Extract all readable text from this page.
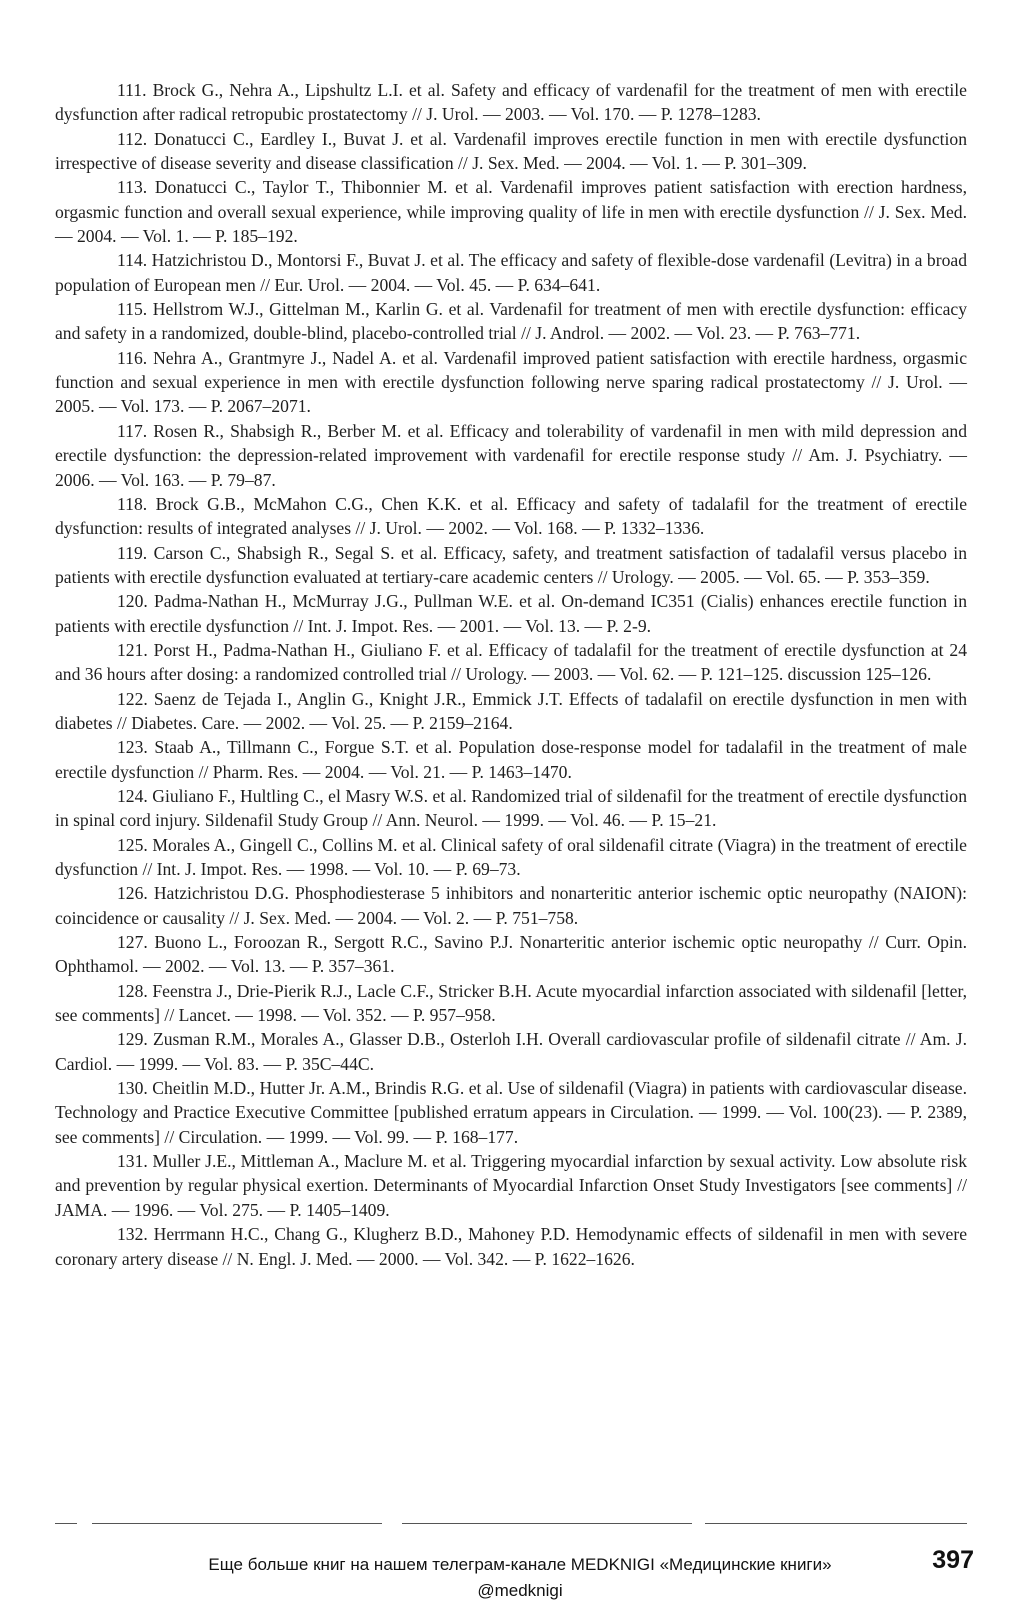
111. Brock G., Nehra A., Lipshultz L.I. et al. Safety and efficacy of vardenafil for the treatment of men with erectile dysfunction after radical retropubic prostatectomy // J. Urol. — 2003. — Vol. 170. — P. 1278–1283.

112. Donatucci C., Eardley I., Buvat J. et al. Vardenafil improves erectile function in men with erectile dysfunction irrespective of disease severity and disease classification // J. Sex. Med. — 2004. — Vol. 1. — P. 301–309.

113. Donatucci C., Taylor T., Thibonnier M. et al. Vardenafil improves patient satisfaction with erection hardness, orgasmic function and overall sexual experience, while improving quality of life in men with erectile dysfunction // J. Sex. Med. — 2004. — Vol. 1. — P. 185–192.

114. Hatzichristou D., Montorsi F., Buvat J. et al. The efficacy and safety of flexible-dose vardenafil (Levitra) in a broad population of European men // Eur. Urol. — 2004. — Vol. 45. — P. 634–641.

115. Hellstrom W.J., Gittelman M., Karlin G. et al. Vardenafil for treatment of men with erectile dysfunction: efficacy and safety in a randomized, double-blind, placebo-controlled trial // J. Androl. — 2002. — Vol. 23. — P. 763–771.

116. Nehra A., Grantmyre J., Nadel A. et al. Vardenafil improved patient satisfaction with erectile hardness, orgasmic function and sexual experience in men with erectile dysfunction following nerve sparing radical prostatectomy // J. Urol. — 2005. — Vol. 173. — P. 2067–2071.

117. Rosen R., Shabsigh R., Berber M. et al. Efficacy and tolerability of vardenafil in men with mild depression and erectile dysfunction: the depression-related improvement with vardenafil for erectile response study // Am. J. Psychiatry. — 2006. — Vol. 163. — P. 79–87.

118. Brock G.B., McMahon C.G., Chen K.K. et al. Efficacy and safety of tadalafil for the treatment of erectile dysfunction: results of integrated analyses // J. Urol. — 2002. — Vol. 168. — P. 1332–1336.

119. Carson C., Shabsigh R., Segal S. et al. Efficacy, safety, and treatment satisfaction of tadalafil versus placebo in patients with erectile dysfunction evaluated at tertiary-care academic centers // Urology. — 2005. — Vol. 65. — P. 353–359.

120. Padma-Nathan H., McMurray J.G., Pullman W.E. et al. On-demand IC351 (Cialis) enhances erectile function in patients with erectile dysfunction // Int. J. Impot. Res. — 2001. — Vol. 13. — P. 2-9.

121. Porst H., Padma-Nathan H., Giuliano F. et al. Efficacy of tadalafil for the treatment of erectile dysfunction at 24 and 36 hours after dosing: a randomized controlled trial // Urology. — 2003. — Vol. 62. — P. 121–125. discussion 125–126.

122. Saenz de Tejada I., Anglin G., Knight J.R., Emmick J.T. Effects of tadalafil on erectile dysfunction in men with diabetes // Diabetes. Care. — 2002. — Vol. 25. — P. 2159–2164.

123. Staab A., Tillmann C., Forgue S.T. et al. Population dose-response model for tadalafil in the treatment of male erectile dysfunction // Pharm. Res. — 2004. — Vol. 21. — P. 1463–1470.

124. Giuliano F., Hultling C., el Masry W.S. et al. Randomized trial of sildenafil for the treatment of erectile dysfunction in spinal cord injury. Sildenafil Study Group // Ann. Neurol. — 1999. — Vol. 46. — P. 15–21.

125. Morales A., Gingell C., Collins M. et al. Clinical safety of oral sildenafil citrate (Viagra) in the treatment of erectile dysfunction // Int. J. Impot. Res. — 1998. — Vol. 10. — P. 69–73.

126. Hatzichristou D.G. Phosphodiesterase 5 inhibitors and nonarteritic anterior ischemic optic neuropathy (NAION): coincidence or causality // J. Sex. Med. — 2004. — Vol. 2. — P. 751–758.

127. Buono L., Foroozan R., Sergott R.C., Savino P.J. Nonarteritic anterior ischemic optic neuropathy // Curr. Opin. Ophthamol. — 2002. — Vol. 13. — P. 357–361.

128. Feenstra J., Drie-Pierik R.J., Lacle C.F., Stricker B.H. Acute myocardial infarction associated with sildenafil [letter, see comments] // Lancet. — 1998. — Vol. 352. — P. 957–958.

129. Zusman R.M., Morales A., Glasser D.B., Osterloh I.H. Overall cardiovascular profile of sildenafil citrate // Am. J. Cardiol. — 1999. — Vol. 83. — P. 35C–44C.

130. Cheitlin M.D., Hutter Jr. A.M., Brindis R.G. et al. Use of sildenafil (Viagra) in patients with cardiovascular disease. Technology and Practice Executive Committee [published erratum appears in Circulation. — 1999. — Vol. 100(23). — P. 2389, see comments] // Circulation. — 1999. — Vol. 99. — P. 168–177.

131. Muller J.E., Mittleman A., Maclure M. et al. Triggering myocardial infarction by sexual activity. Low absolute risk and prevention by regular physical exertion. Determinants of Myocardial Infarction Onset Study Investigators [see comments] // JAMA. — 1996. — Vol. 275. — P. 1405–1409.

132. Herrmann H.C., Chang G., Klugherz B.D., Mahoney P.D. Hemodynamic effects of sildenafil in men with severe coronary artery disease // N. Engl. J. Med. — 2000. — Vol. 342. — P. 1622–1626.

Еще больше книг на нашем телеграм-канале MEDKNIGI «Медицинские книги»
@medknigi
397
